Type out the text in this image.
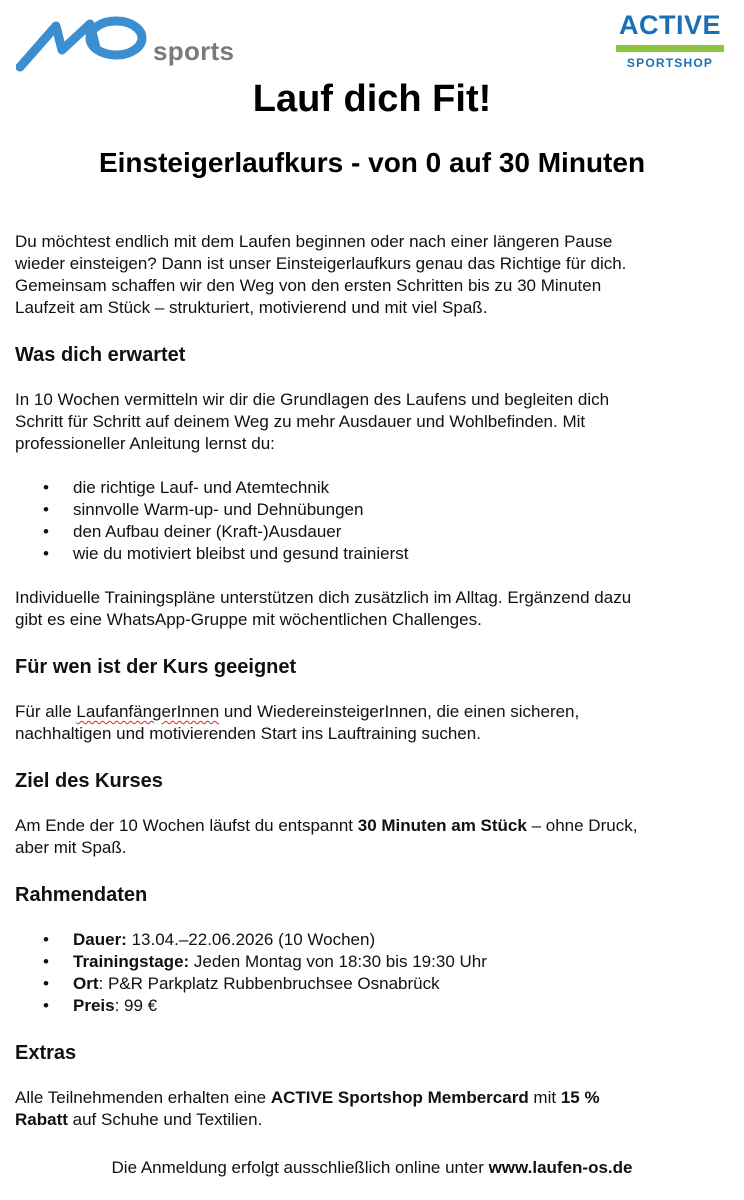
sports
ACTIVE
SPORTSHOP
Lauf dich Fit!
Einsteigerlaufkurs - von 0 auf 30 Minuten

Du möchtest endlich mit dem Laufen beginnen oder nach einer längeren Pause
wieder einsteigen? Dann ist unser Einsteigerlaufkurs genau das Richtige für dich.
Gemeinsam schaffen wir den Weg von den ersten Schritten bis zu 30 Minuten
Laufzeit am Stück – strukturiert, motivierend und mit viel Spaß.

Was dich erwartet

In 10 Wochen vermitteln wir dir die Grundlagen des Laufens und begleiten dich
Schritt für Schritt auf deinem Weg zu mehr Ausdauer und Wohlbefinden. Mit
professioneller Anleitung lernst du:

• die richtige Lauf- und Atemtechnik
• sinnvolle Warm-up- und Dehnübungen
• den Aufbau deiner (Kraft-)Ausdauer
• wie du motiviert bleibst und gesund trainierst

Individuelle Trainingspläne unterstützen dich zusätzlich im Alltag. Ergänzend dazu
gibt es eine WhatsApp-Gruppe mit wöchentlichen Challenges.

Für wen ist der Kurs geeignet

Für alle LaufanfängerInnen und WiedereinsteigerInnen, die einen sicheren,
nachhaltigen und motivierenden Start ins Lauftraining suchen.

Ziel des Kurses

Am Ende der 10 Wochen läufst du entspannt 30 Minuten am Stück – ohne Druck,
aber mit Spaß.

Rahmendaten
• Dauer: 13.04.–22.06.2026 (10 Wochen)
• Trainingstage: Jeden Montag von 18:30 bis 19:30 Uhr
• Ort: P&R Parkplatz Rubbenbruchsee Osnabrück
• Preis: 99 €
Extras

Alle Teilnehmenden erhalten eine ACTIVE Sportshop Membercard mit 15 %
Rabatt auf Schuhe und Textilien.

Die Anmeldung erfolgt ausschließlich online unter www.laufen-os.de
